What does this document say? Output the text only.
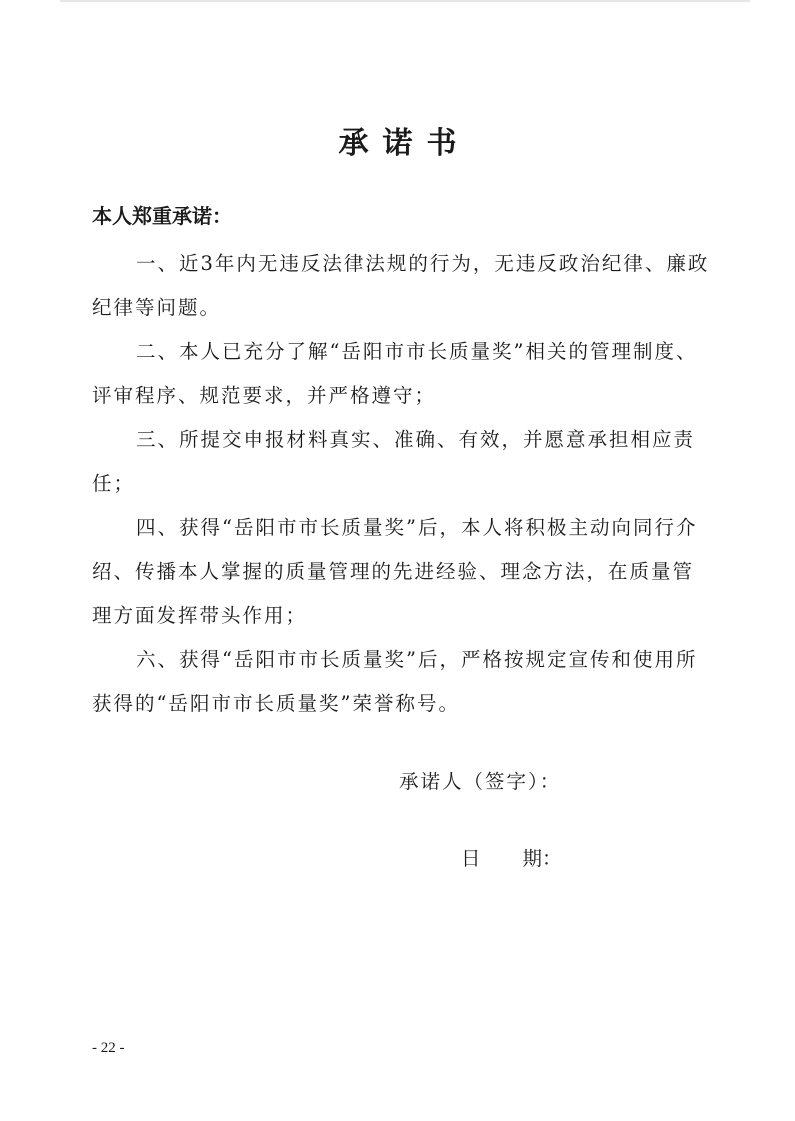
承诺书
本人郑重承诺：

一、近3年内无违反法律法规的行为，无违反政治纪律、廉政纪律等问题。

二、本人已充分了解“岳阳市市长质量奖”相关的管理制度、评审程序、规范要求，并严格遵守；

三、所提交申报材料真实、准确、有效，并愿意承担相应责任；

四、获得“岳阳市市长质量奖”后，本人将积极主动向同行介绍、传播本人掌握的质量管理的先进经验、理念方法，在质量管理方面发挥带头作用；

六、获得“岳阳市市长质量奖”后，严格按规定宣传和使用所获得的“岳阳市市长质量奖”荣誉称号。

承诺人（签字）：
日 期：
- 22 -
